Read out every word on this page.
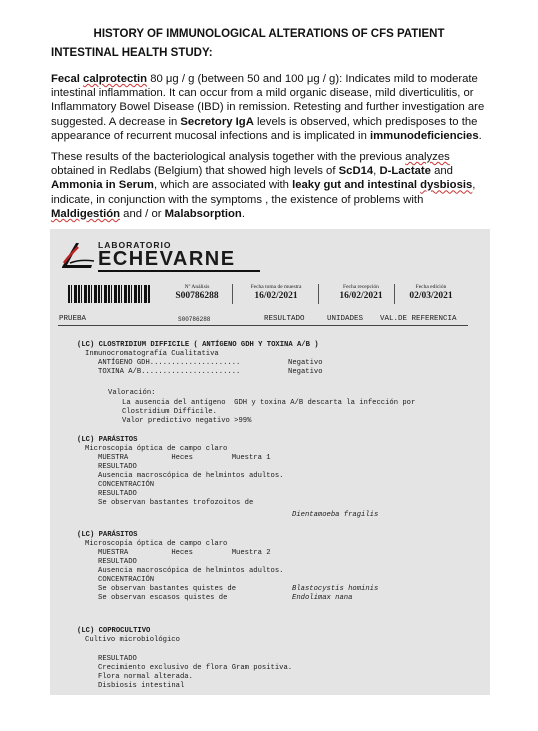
HISTORY OF IMMUNOLOGICAL ALTERATIONS OF CFS PATIENT
INTESTINAL HEALTH STUDY:

Fecal calprotectin 80 μg / g (between 50 and 100 μg / g): Indicates mild to moderate intestinal inflammation. It can occur from a mild organic disease, mild diverticulitis, or Inflammatory Bowel Disease (IBD) in remission. Retesting and further investigation are suggested. A decrease in Secretory IgA levels is observed, which predisposes to the appearance of recurrent mucosal infections and is implicated in immunodeficiencies.

These results of the bacteriological analysis together with the previous analyzes obtained in Redlabs (Belgium) that showed high levels of ScD14, D-Lactate and Ammonia in Serum, which are associated with leaky gut and intestinal dysbiosis, indicate, in conjunction with the symptoms , the existence of problems with Maldigestión and / or Malabsorption.

LABORATORIO
ECHEVARNE
Nº Análisis
S00786288
Fecha toma de muestra
16/02/2021
Fecha recepción
16/02/2021
Fecha edición
02/03/2021
PRUEBA	S00786288	RESULTADO	UNIDADES VAL.DE REFERENCIA
(LC) CLOSTRIDIUM DIFFICILE ( ANTÍGENO GDH Y TOXINA A/B )
Inmunocromatografía Cualitativa
ANTÍGENO GDH.....................	Negativo
TOXINA A/B.......................	Negativo
Valoración:
La ausencia del antígeno  GDH y toxina A/B descarta la infección por
Clostridium Difficile.
Valor predictivo negativo >99%
(LC) PARÁSITOS
Microscopía óptica de campo claro
MUESTRA          Heces         Muestra 1
RESULTADO
Ausencia macroscópica de helmintos adultos.
CONCENTRACIÓN
RESULTADO
Se observan bastantes trofozoitos de
Dientamoeba fragilis
(LC) PARÁSITOS
Microscopía óptica de campo claro
MUESTRA          Heces         Muestra 2
RESULTADO
Ausencia macroscópica de helmintos adultos.
CONCENTRACIÓN
Se observan bastantes quistes de	Blastocystis hominis
Se observan escasos quistes de	Endolimax nana
(LC) COPROCULTIVO
Cultivo microbiológico
RESULTADO
Crecimiento exclusivo de flora Gram positiva.
Flora normal alterada.
Disbiosis intestinal
